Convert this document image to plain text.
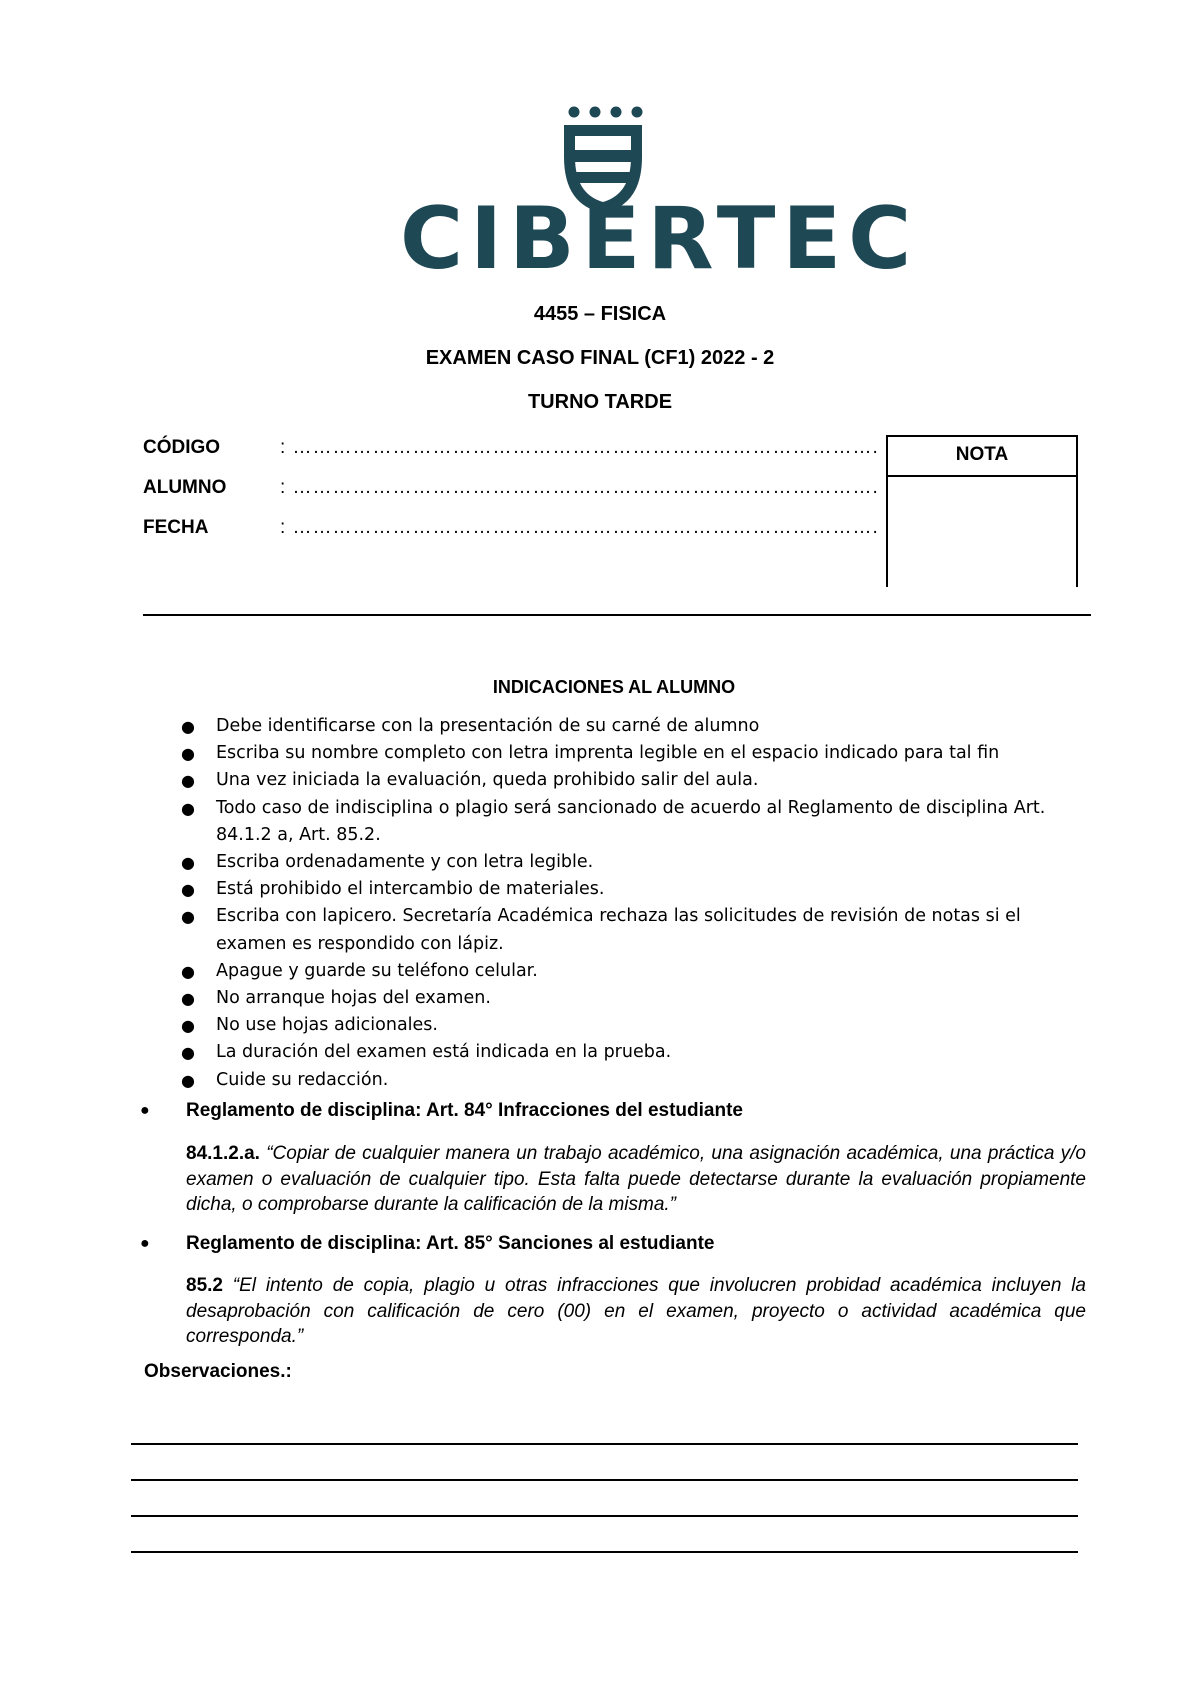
CIBERTEC
4455 – FISICA
EXAMEN CASO FINAL (CF1) 2022 - 2
TURNO TARDE
CÓDIGO	: …………………………………………………………………………….
ALUMNO	: …………………………………………………………………………….
FECHA	: …………………………………………………………………………….
NOTA
INDICACIONES AL ALUMNO
● Debe identificarse con la presentación de su carné de alumno
● Escriba su nombre completo con letra imprenta legible en el espacio indicado para tal fin
● Una vez iniciada la evaluación, queda prohibido salir del aula.
● Todo caso de indisciplina o plagio será sancionado de acuerdo al Reglamento de disciplina Art. 84.1.2 a, Art. 85.2.
● Escriba ordenadamente y con letra legible.
● Está prohibido el intercambio de materiales.
● Escriba con lapicero. Secretaría Académica rechaza las solicitudes de revisión de notas si el examen es respondido con lápiz.
● Apague y guarde su teléfono celular.
● No arranque hojas del examen.
● No use hojas adicionales.
● La duración del examen está indicada en la prueba.
● Cuide su redacción.
● Reglamento de disciplina: Art. 84° Infracciones del estudiante
84.1.2.a. “Copiar de cualquier manera un trabajo académico, una asignación académica, una práctica y/o examen o evaluación de cualquier tipo. Esta falta puede detectarse durante la evaluación propiamente dicha, o comprobarse durante la calificación de la misma.”
● Reglamento de disciplina: Art. 85° Sanciones al estudiante
85.2 “El intento de copia, plagio u otras infracciones que involucren probidad académica incluyen la desaprobación con calificación de cero (00) en el examen, proyecto o actividad académica que corresponda.”
Observaciones.:
